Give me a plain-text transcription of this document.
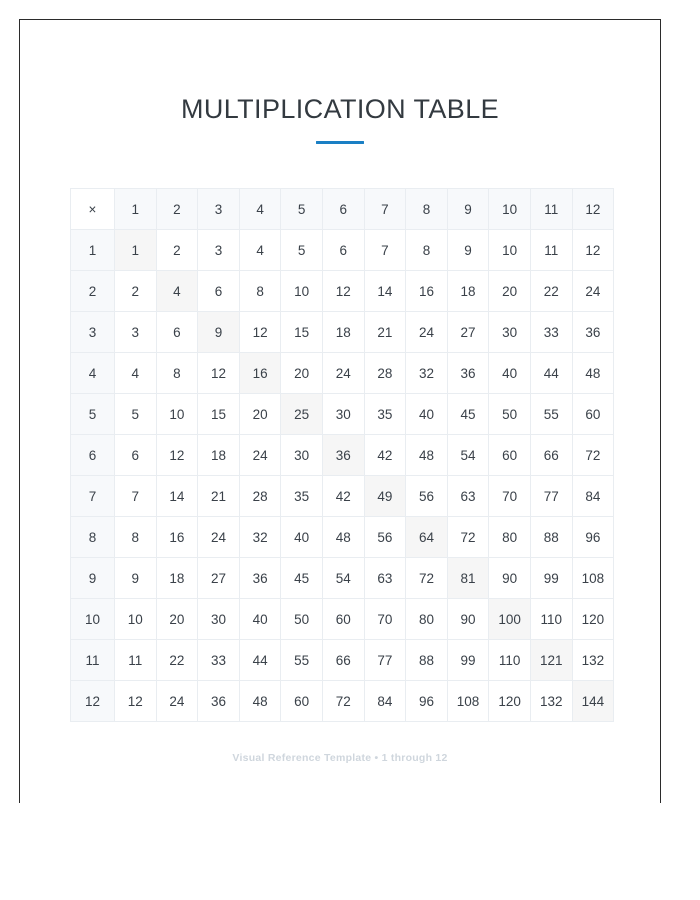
MULTIPLICATION TABLE
×	1	2	3	4	5	6	7	8	9	10	11	12
1	1	2	3	4	5	6	7	8	9	10	11	12
2	2	4	6	8	10	12	14	16	18	20	22	24
3	3	6	9	12	15	18	21	24	27	30	33	36
4	4	8	12	16	20	24	28	32	36	40	44	48
5	5	10	15	20	25	30	35	40	45	50	55	60
6	6	12	18	24	30	36	42	48	54	60	66	72
7	7	14	21	28	35	42	49	56	63	70	77	84
8	8	16	24	32	40	48	56	64	72	80	88	96
9	9	18	27	36	45	54	63	72	81	90	99	108
10	10	20	30	40	50	60	70	80	90	100	110	120
11	11	22	33	44	55	66	77	88	99	110	121	132
12	12	24	36	48	60	72	84	96	108	120	132	144
Visual Reference Template • 1 through 12
